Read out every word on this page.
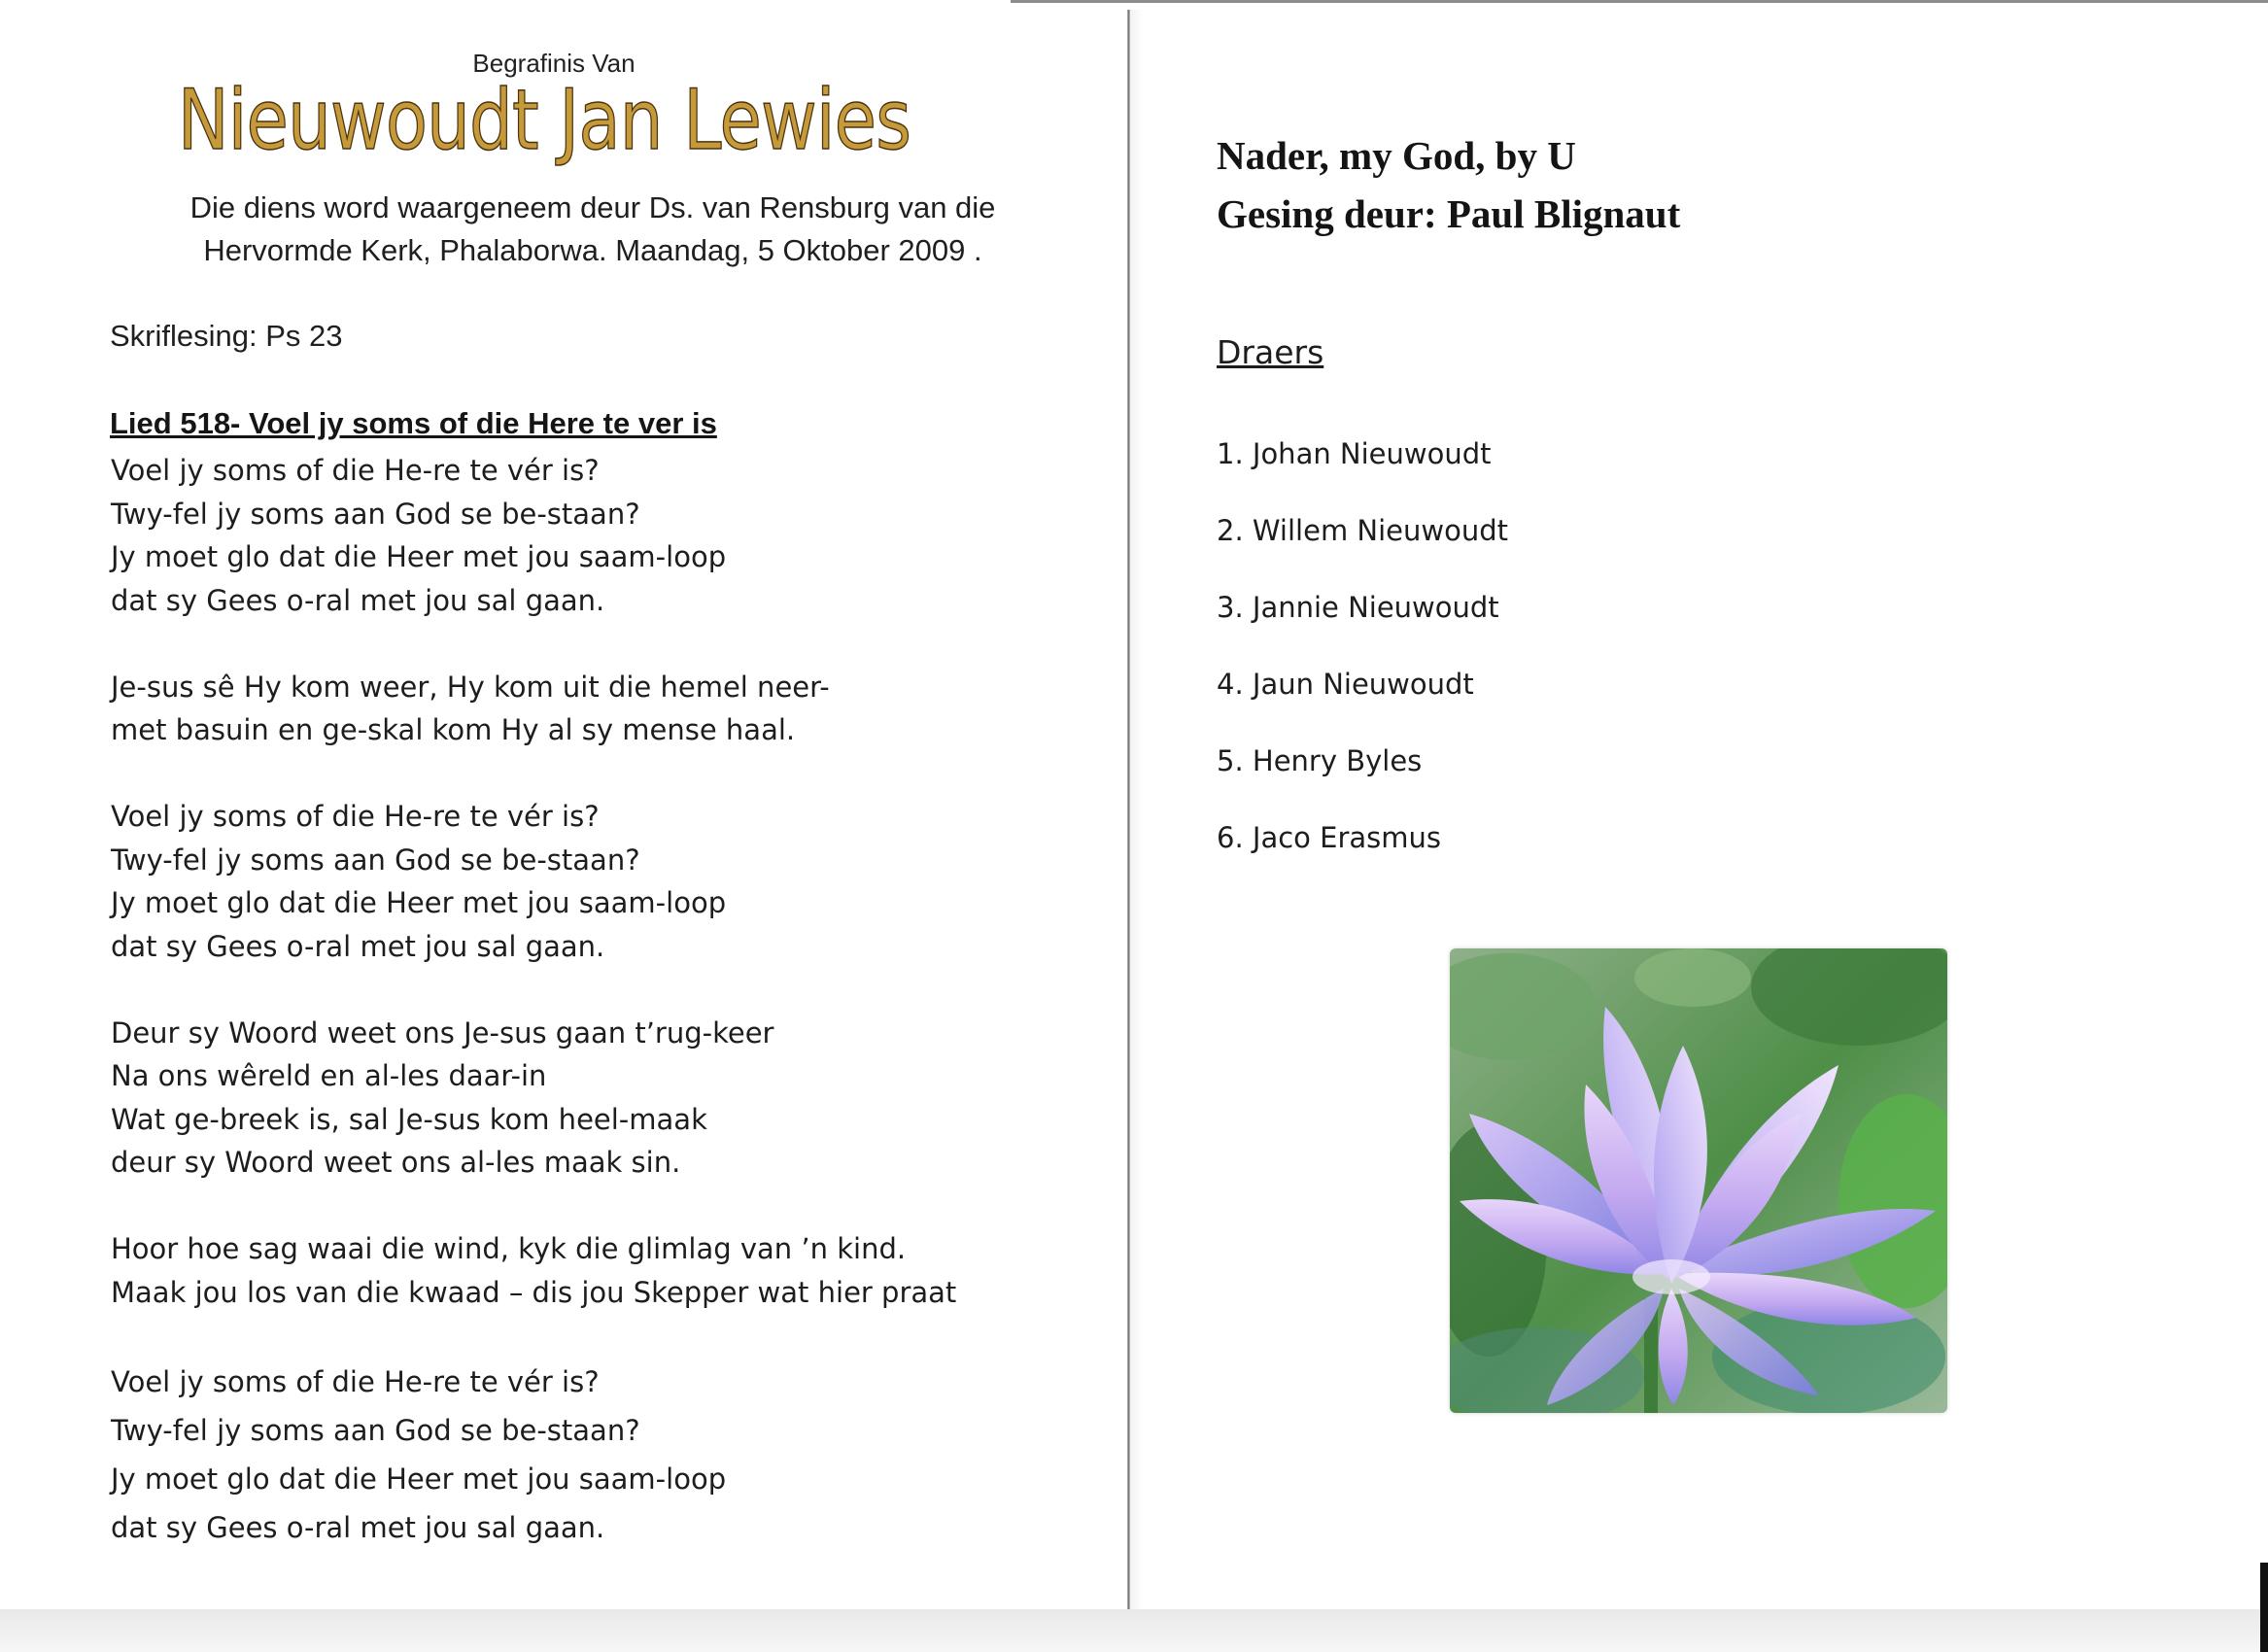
Begrafinis Van
Nieuwoudt Jan Lewies
Die diens word waargeneem deur Ds. van Rensburg van die
Hervormde Kerk, Phalaborwa. Maandag, 5 Oktober 2009 .
Skriflesing: Ps 23
Lied 518- Voel jy soms of die Here te ver is
Voel jy soms of die He-re te vér is?
Twy-fel jy soms aan God se be-staan?
Jy moet glo dat die Heer met jou saam-loop
dat sy Gees o-ral met jou sal gaan.
Je-sus sê Hy kom weer, Hy kom uit die hemel neer-
met basuin en ge-skal kom Hy al sy mense haal.
Voel jy soms of die He-re te vér is?
Twy-fel jy soms aan God se be-staan?
Jy moet glo dat die Heer met jou saam-loop
dat sy Gees o-ral met jou sal gaan.
Deur sy Woord weet ons Je-sus gaan t’rug-keer
Na ons wêreld en al-les daar-in
Wat ge-breek is, sal Je-sus kom heel-maak
deur sy Woord weet ons al-les maak sin.
Hoor hoe sag waai die wind, kyk die glimlag van ’n kind.
Maak jou los van die kwaad – dis jou Skepper wat hier praat
Voel jy soms of die He-re te vér is?
Twy-fel jy soms aan God se be-staan?
Jy moet glo dat die Heer met jou saam-loop
dat sy Gees o-ral met jou sal gaan.
Nader, my God, by U
Gesing deur: Paul Blignaut
Draers
1. Johan Nieuwoudt
2. Willem Nieuwoudt
3. Jannie Nieuwoudt
4. Jaun Nieuwoudt
5. Henry Byles
6. Jaco Erasmus
